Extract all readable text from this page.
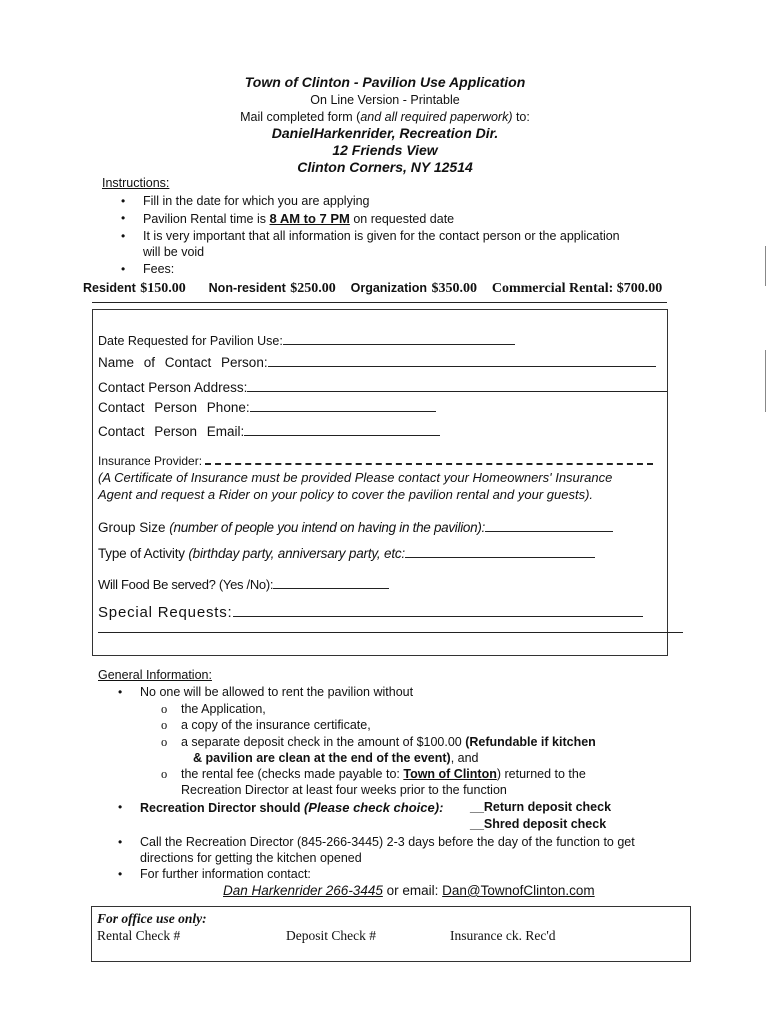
Town of Clinton - Pavilion Use Application
On Line Version - Printable
Mail completed form (and all required paperwork) to:
DanielHarkenrider, Recreation Dir.
12 Friends View
Clinton Corners, NY 12514
Instructions:
• Fill in the date for which you are applying
• Pavilion Rental time is 8 AM to 7 PM on requested date
• It is very important that all information is given for the contact person or the application
will be void
• Fees:
Resident $150.00 Non-resident $250.00 Organization $350.00 Commercial Rental: $700.00
Date Requested for Pavilion Use:
Name of Contact Person:
Contact Person Address:
Contact Person Phone:
Contact Person Email:
Insurance Provider:
(A Certificate of Insurance must be provided Please contact your Homeowners' Insurance
Agent and request a Rider on your policy to cover the pavilion rental and your guests).
Group Size (number of people you intend on having in the pavilion):
Type of Activity (birthday party, anniversary party, etc:
Will Food Be served? (Yes /No):
Special Requests:
General Information:
• No one will be allowed to rent the pavilion without
o the Application,
o a copy of the insurance certificate,
o a separate deposit check in the amount of $100.00 (Refundable if kitchen
& pavilion are clean at the end of the event), and
o the rental fee (checks made payable to: Town of Clinton) returned to the
Recreation Director at least four weeks prior to the function
• Recreation Director should (Please check choice): __Return deposit check
__Shred deposit check
• Call the Recreation Director (845-266-3445) 2-3 days before the day of the function to get
directions for getting the kitchen opened
• For further information contact:
Dan Harkenrider 266-3445 or email: Dan@TownofClinton.com
For office use only:
Rental Check #	Deposit Check #	Insurance ck. Rec'd
